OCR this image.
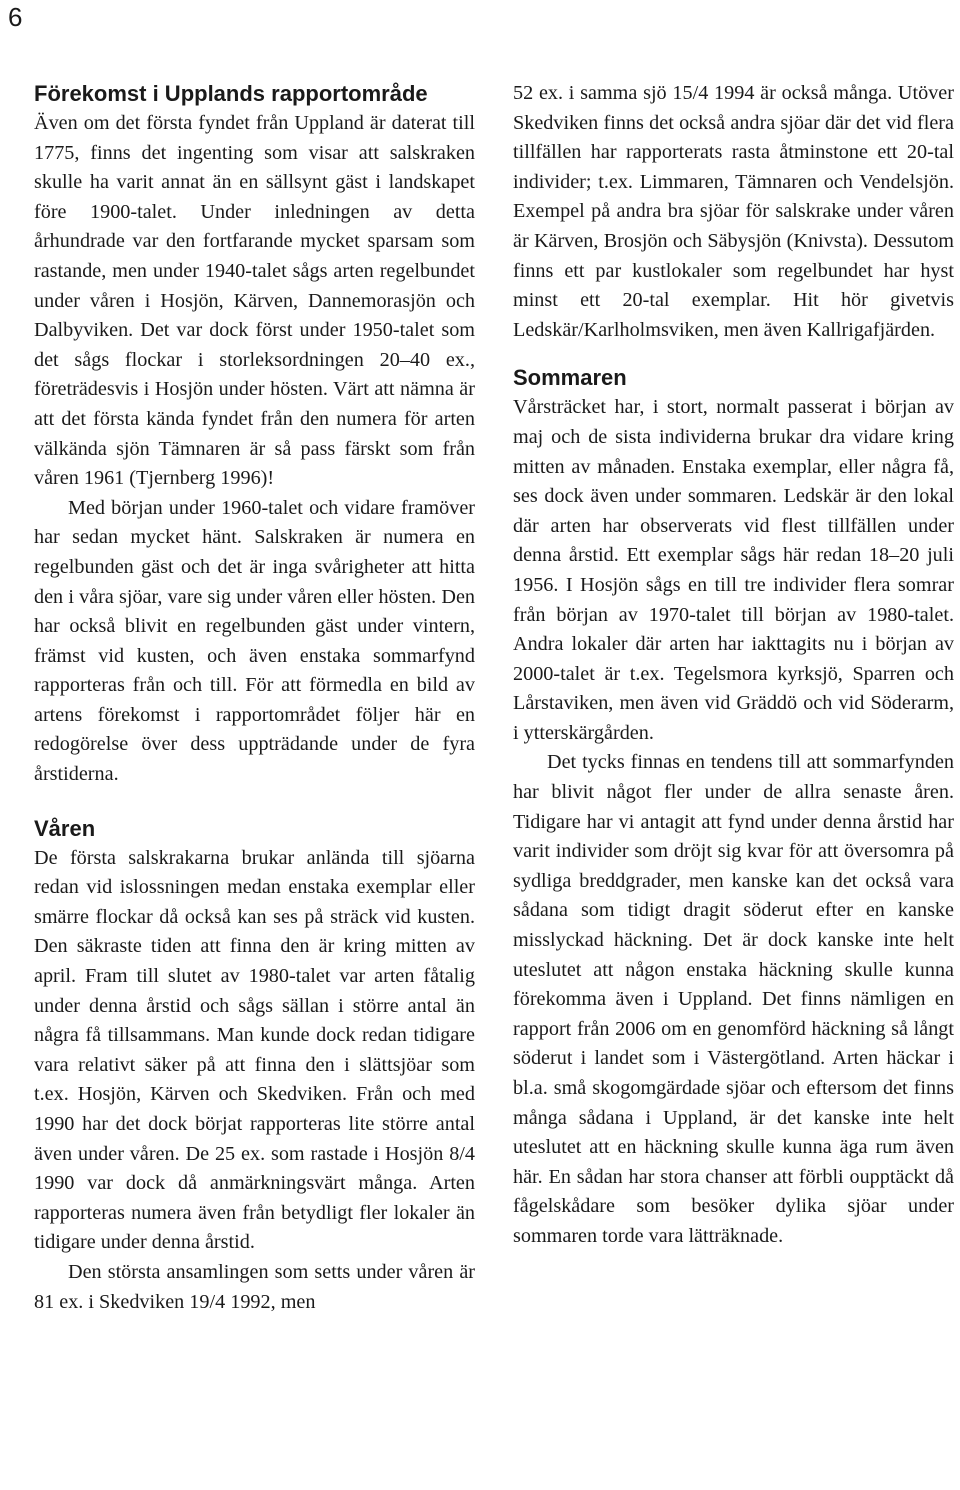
6
Förekomst i Upplands rapportområde

Även om det första fyndet från Uppland är daterat till 1775, finns det ingenting som visar att salskraken skulle ha varit annat än en sällsynt gäst i landskapet före 1900-talet. Under inledningen av detta århundrade var den fortfarande mycket sparsam som rastande, men under 1940-talet sågs arten regelbundet under våren i Hosjön, Kärven, Dannemorasjön och Dalbyviken. Det var dock först under 1950-talet som det sågs flockar i storleksordningen 20–40 ex., företrädesvis i Hosjön under hösten. Värt att nämna är att det första kända fyndet från den numera för arten välkända sjön Tämnaren är så pass färskt som från våren 1961 (Tjernberg 1996)!

Med början under 1960-talet och vidare framöver har sedan mycket hänt. Salskraken är numera en regelbunden gäst och det är inga svårigheter att hitta den i våra sjöar, vare sig under våren eller hösten. Den har också blivit en regelbunden gäst under vintern, främst vid kusten, och även enstaka sommarfynd rapporteras från och till. För att förmedla en bild av artens förekomst i rapportområdet följer här en redogörelse över dess uppträdande under de fyra årstiderna.

Våren

De första salskrakarna brukar anlända till sjöarna redan vid islossningen medan enstaka exemplar eller smärre flockar då också kan ses på sträck vid kusten. Den säkraste tiden att finna den är kring mitten av april. Fram till slutet av 1980-talet var arten fåtalig under denna årstid och sågs sällan i större antal än några få tillsammans. Man kunde dock redan tidigare vara relativt säker på att finna den i slättsjöar som t.ex. Hosjön, Kärven och Skedviken. Från och med 1990 har det dock börjat rapporteras lite större antal även under våren. De 25 ex. som rastade i Hosjön 8/4 1990 var dock då anmärkningsvärt många. Arten rapporteras numera även från betydligt fler lokaler än tidigare under denna årstid.

Den största ansamlingen som setts under våren är 81 ex. i Skedviken 19/4 1992, men

52 ex. i samma sjö 15/4 1994 är också många. Utöver Skedviken finns det också andra sjöar där det vid flera tillfällen har rapporterats rasta åtminstone ett 20-tal individer; t.ex. Limmaren, Tämnaren och Vendelsjön. Exempel på andra bra sjöar för salskrake under våren är Kärven, Brosjön och Säbysjön (Knivsta). Dessutom finns ett par kustlokaler som regelbundet har hyst minst ett 20-tal exemplar. Hit hör givetvis Ledskär/Karlholmsviken, men även Kallrigafjärden.

Sommaren

Vårsträcket har, i stort, normalt passerat i början av maj och de sista individerna brukar dra vidare kring mitten av månaden. Enstaka exemplar, eller några få, ses dock även under sommaren. Ledskär är den lokal där arten har observerats vid flest tillfällen under denna årstid. Ett exemplar sågs här redan 18–20 juli 1956. I Hosjön sågs en till tre individer flera somrar från början av 1970-talet till början av 1980-talet. Andra lokaler där arten har iakttagits nu i början av 2000-talet är t.ex. Tegelsmora kyrksjö, Sparren och Lårstaviken, men även vid Gräddö och vid Söderarm, i ytterskärgården.

Det tycks finnas en tendens till att sommarfynden har blivit något fler under de allra senaste åren. Tidigare har vi antagit att fynd under denna årstid har varit individer som dröjt sig kvar för att översomra på sydliga breddgrader, men kanske kan det också vara sådana som tidigt dragit söderut efter en kanske misslyckad häckning. Det är dock kanske inte helt uteslutet att någon enstaka häckning skulle kunna förekomma även i Uppland. Det finns nämligen en rapport från 2006 om en genomförd häckning så långt söderut i landet som i Västergötland. Arten häckar i bl.a. små skogomgärdade sjöar och eftersom det finns många sådana i Uppland, är det kanske inte helt uteslutet att en häckning skulle kunna äga rum även här. En sådan har stora chanser att förbli oupptäckt då fågelskådare som besöker dylika sjöar under sommaren torde vara lätträknade.
